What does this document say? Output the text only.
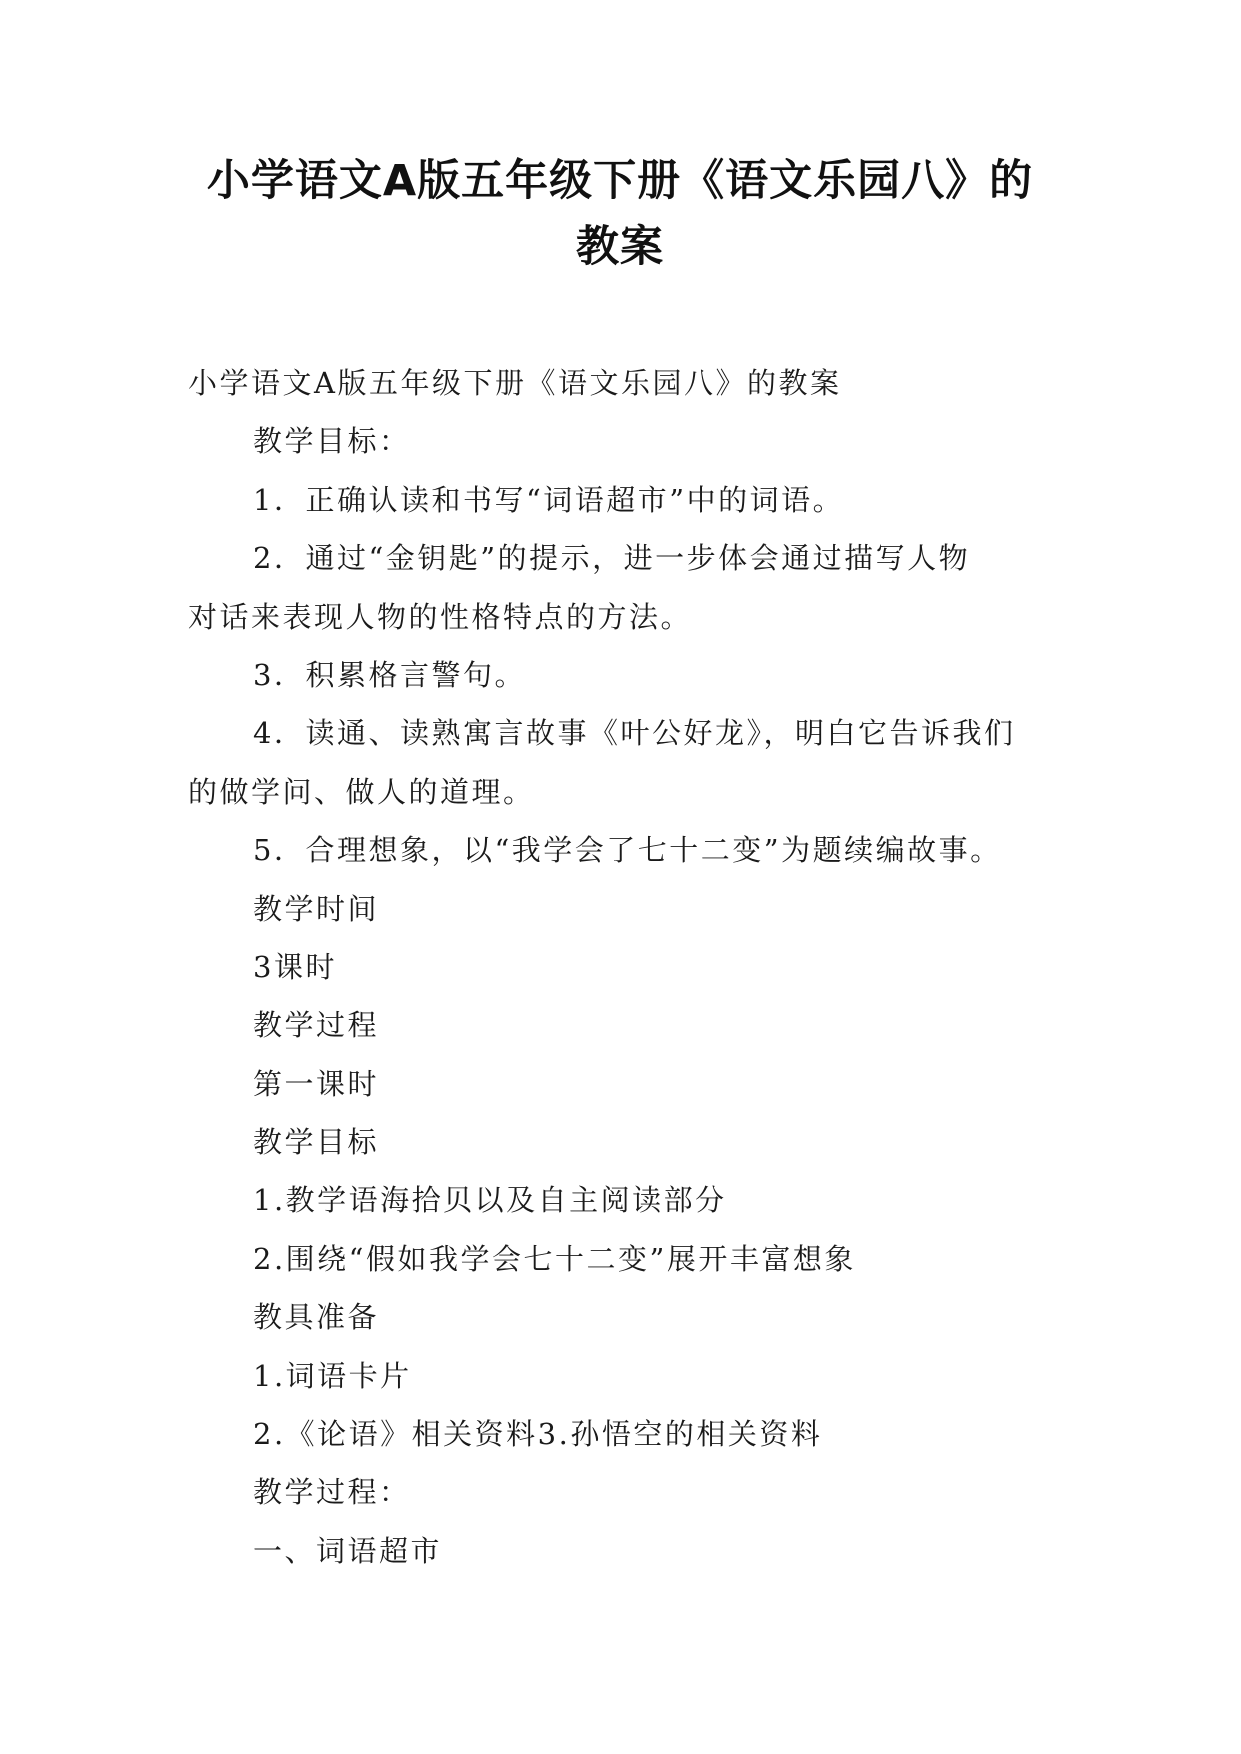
小学语文A版五年级下册《语文乐园八》的
教案
小学语文A版五年级下册《语文乐园八》的教案
教学目标：
1．正确认读和书写“词语超市”中的词语。
2．通过“金钥匙”的提示，进一步体会通过描写人物
对话来表现人物的性格特点的方法。
3．积累格言警句。
4．读通、读熟寓言故事《叶公好龙》，明白它告诉我们
的做学问、做人的道理。
5．合理想象，以“我学会了七十二变”为题续编故事。
教学时间
3课时
教学过程
第一课时
教学目标
1.教学语海拾贝以及自主阅读部分
2.围绕“假如我学会七十二变”展开丰富想象
教具准备
1.词语卡片
2.《论语》相关资料3.孙悟空的相关资料
教学过程：
一、词语超市
